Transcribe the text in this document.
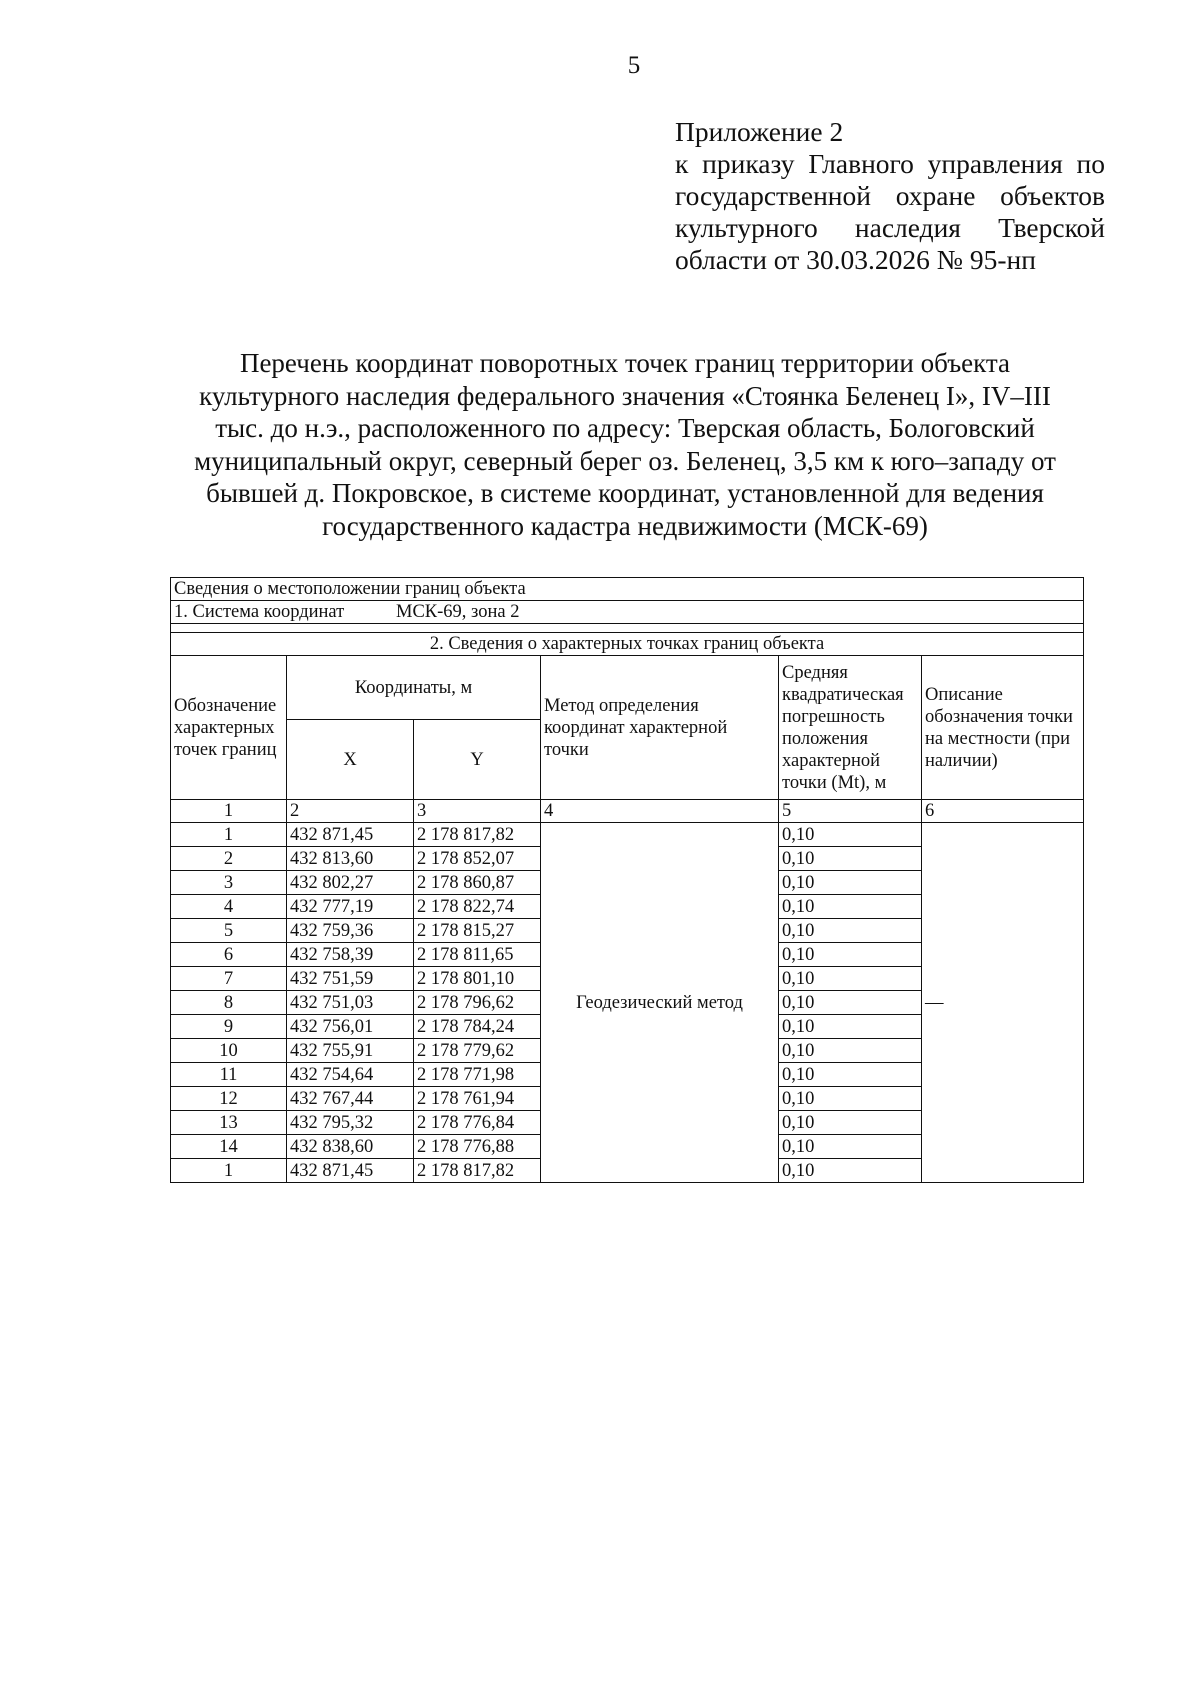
5
Приложение 2
к приказу Главного управления по
государственной охране объектов
культурного наследия Тверской
области от 30.03.2026 № 95-нп
Перечень координат поворотных точек границ территории объекта
культурного наследия федерального значения «Стоянка Беленец I», IV–III
тыс. до н.э., расположенного по адресу: Тверская область, Бологовский
муниципальный округ, северный берег оз. Беленец, 3,5 км к юго–западу от
бывшей д. Покровское, в системе координат, установленной для ведения
государственного кадастра недвижимости (МСК-69)
Сведения о местоположении границ объекта					
1. Система координат МСК-69, зона 2					

2. Сведения о характерных точках границ объекта					
Обозначение характерных точек границ	Координаты, м		Метод определения координат характерной точки	Средняя квадратическая погрешность положения характерной точки (Mt), м	Описание обозначения точки на местности (при наличии)
	X	Y			
1	2	3	4	5	6
1	432 871,45	2 178 817,82	Геодезический метод	0,10	—
2	432 813,60	2 178 852,07		0,10	
3	432 802,27	2 178 860,87		0,10	
4	432 777,19	2 178 822,74		0,10	
5	432 759,36	2 178 815,27		0,10	
6	432 758,39	2 178 811,65		0,10	
7	432 751,59	2 178 801,10		0,10	
8	432 751,03	2 178 796,62		0,10	
9	432 756,01	2 178 784,24		0,10	
10	432 755,91	2 178 779,62		0,10	
11	432 754,64	2 178 771,98		0,10	
12	432 767,44	2 178 761,94		0,10	
13	432 795,32	2 178 776,84		0,10	
14	432 838,60	2 178 776,88		0,10	
1	432 871,45	2 178 817,82		0,10	
